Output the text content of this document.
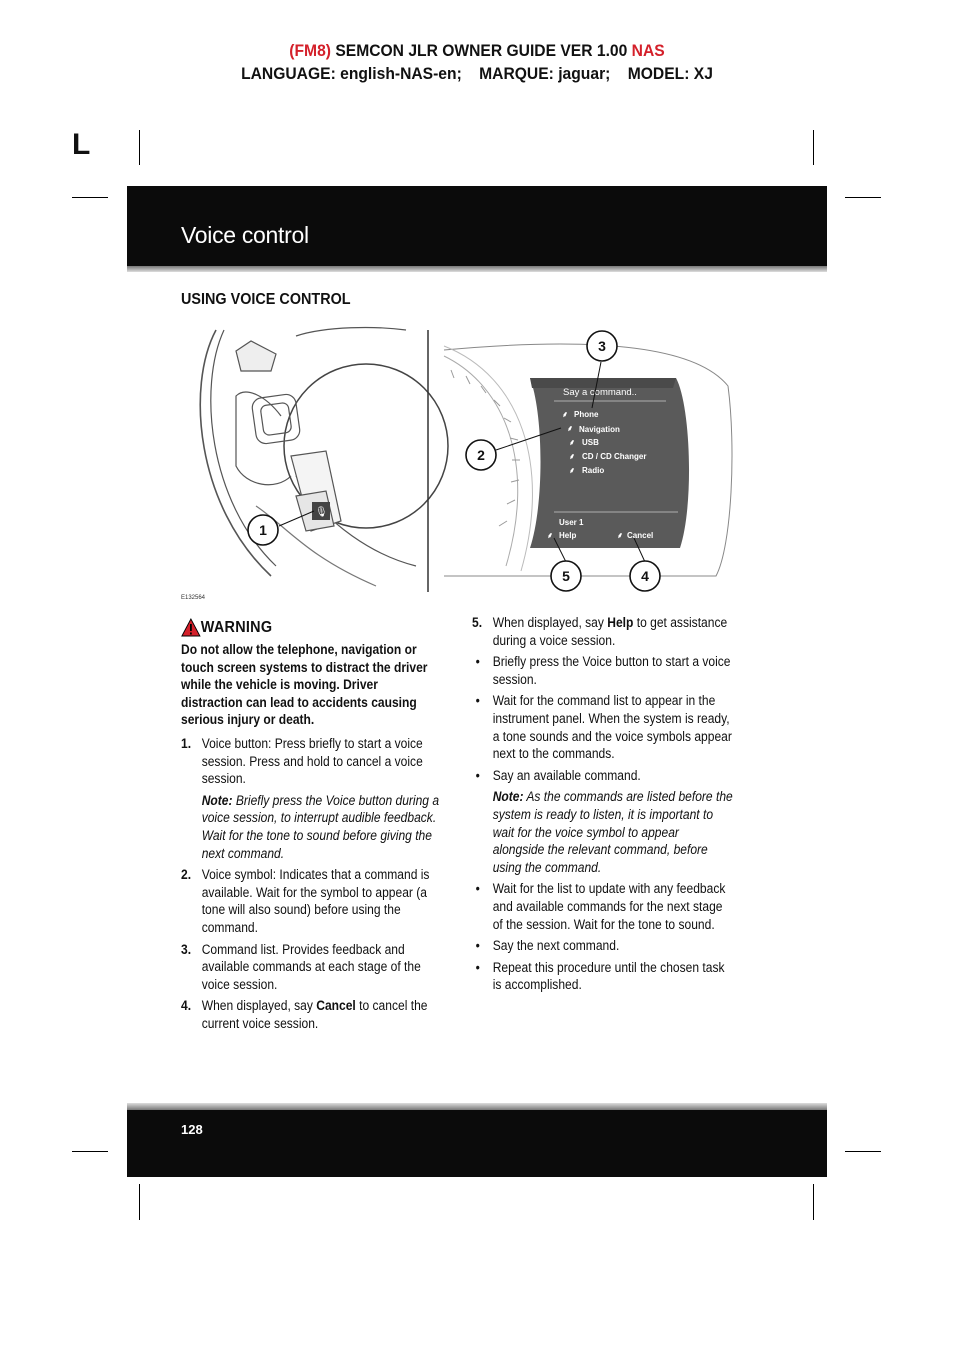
(FM8) SEMCON JLR OWNER GUIDE VER 1.00 NAS
LANGUAGE: english-NAS-en;    MARQUE: jaguar;    MODEL: XJ
L
Voice control
USING VOICE CONTROL
🎙
Say a command..
⸙ Phone
⸙ Navigation
⸙ USB
⸙ CD / CD Changer
⸙ Radio
User 1
⸙ Help	⸙ Cancel
1
2
3
4
5
E132564
WARNING
Do not allow the telephone, navigation or touch screen systems to distract the driver while the vehicle is moving. Driver distraction can lead to accidents causing serious injury or death.
1. Voice button: Press briefly to start a voice session. Press and hold to cancel a voice session.
Note: Briefly press the Voice button during a voice session, to interrupt audible feedback. Wait for the tone to sound before giving the next command.
2. Voice symbol: Indicates that a command is available. Wait for the symbol to appear (a tone will also sound) before using the command.
3. Command list. Provides feedback and available commands at each stage of the voice session.
4. When displayed, say Cancel to cancel the current voice session.
5. When displayed, say Help to get assistance during a voice session.
• Briefly press the Voice button to start a voice session.
• Wait for the command list to appear in the instrument panel. When the system is ready, a tone sounds and the voice symbols appear next to the commands.
• Say an available command.
Note: As the commands are listed before the system is ready to listen, it is important to wait for the voice symbol to appear alongside the relevant command, before using the command.
• Wait for the list to update with any feedback and available commands for the next stage of the session. Wait for the tone to sound.
• Say the next command.
• Repeat this procedure until the chosen task is accomplished.
128
